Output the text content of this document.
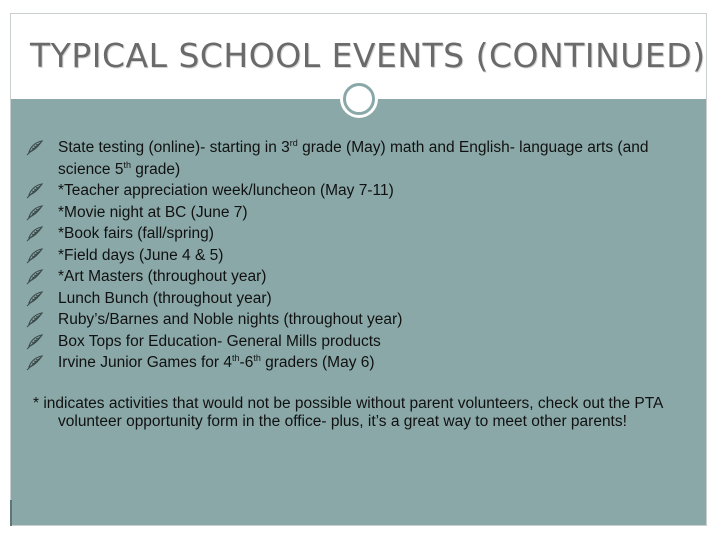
TYPICAL SCHOOL EVENTS (CONTINUED)
State testing (online)- starting in 3rd grade (May) math and English- language arts (and science 5th grade)
*Teacher appreciation week/luncheon (May 7-11)
*Movie night at BC (June 7)
*Book fairs (fall/spring)
*Field days (June 4 & 5)
*Art Masters (throughout year)
Lunch Bunch (throughout year)
Ruby’s/Barnes and Noble nights (throughout year)
Box Tops for Education- General Mills products
Irvine Junior Games for 4th-6th graders (May 6)

* indicates activities that would not be possible without parent volunteers, check out the PTA volunteer opportunity form in the office- plus, it’s a great way to meet other parents!
